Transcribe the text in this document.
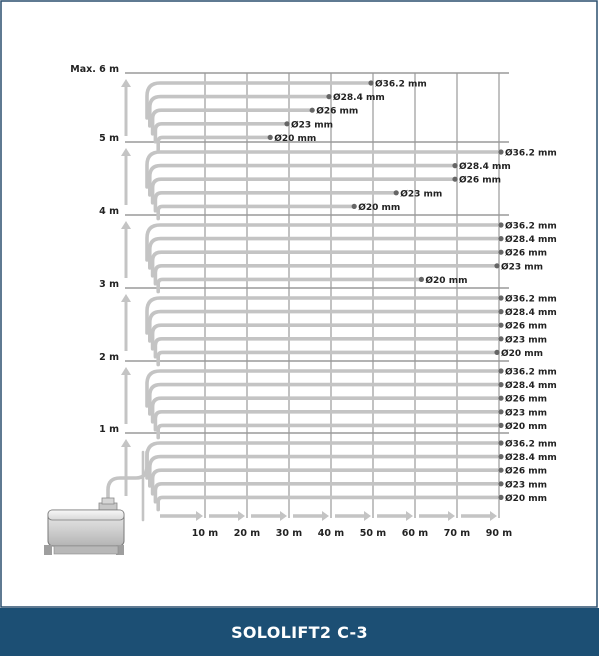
1 m
2 m
3 m
4 m
5 m
Max. 6 m
10 m 20 m 30 m 40 m 50 m 60 m 70 m 90 m
Ø36.2 mm
Ø28.4 mm
Ø26 mm
Ø23 mm
Ø20 mm
Ø36.2 mm
Ø28.4 mm
Ø26 mm
Ø23 mm
Ø20 mm
Ø36.2 mm
Ø28.4 mm
Ø26 mm
Ø23 mm
Ø20 mm
Ø36.2 mm
Ø28.4 mm
Ø26 mm
Ø23 mm
Ø20 mm
Ø36.2 mm
Ø28.4 mm
Ø26 mm
Ø23 mm
Ø20 mm
Ø36.2 mm
Ø28.4 mm
Ø26 mm
Ø23 mm
Ø20 mm
SOLOLIFT2 C-3
